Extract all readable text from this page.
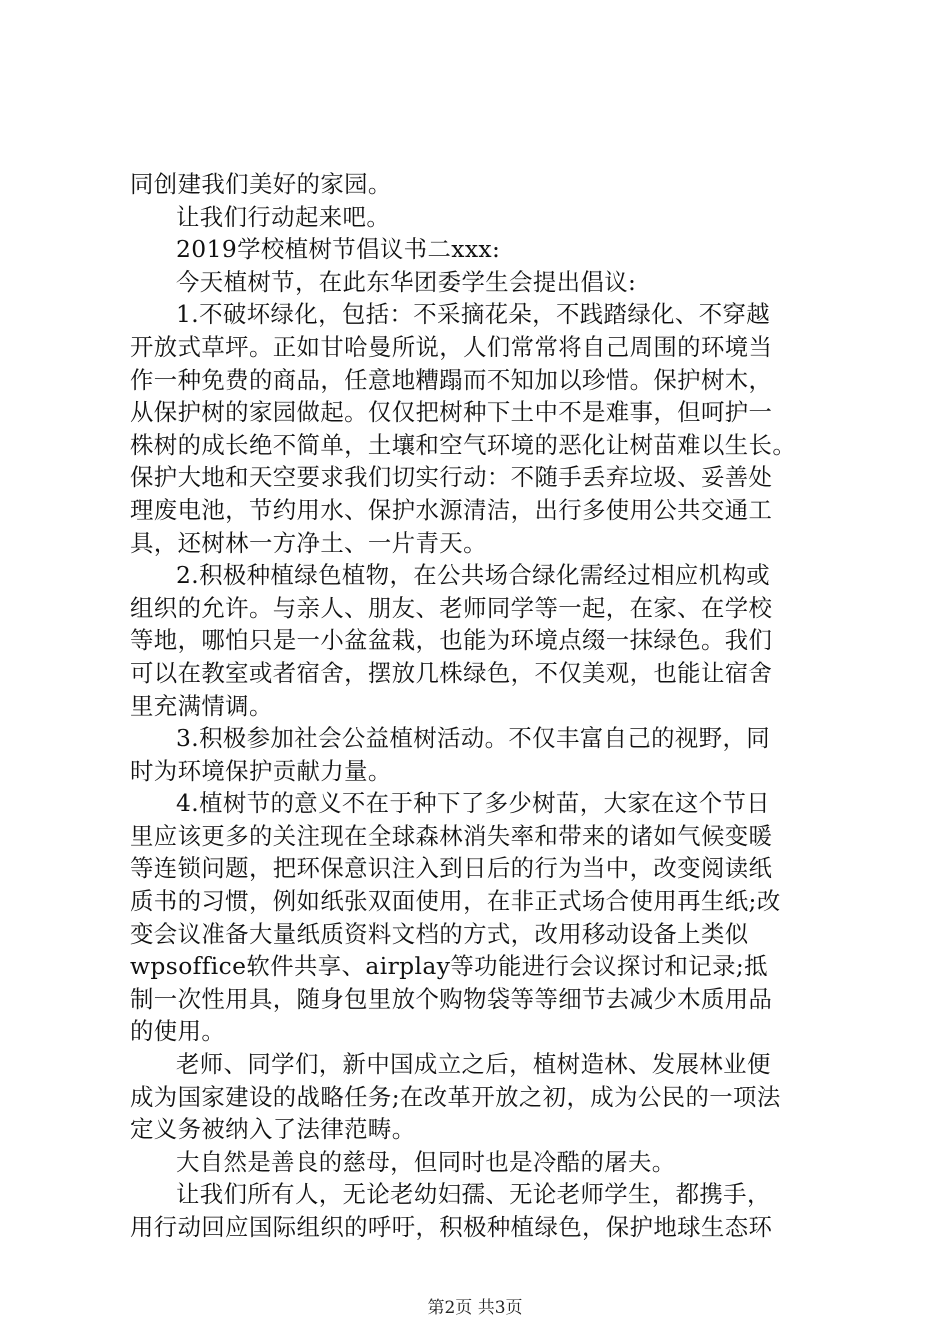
同创建我们美好的家园。
让我们行动起来吧。
2019学校植树节倡议书二xxx:
今天植树节，在此东华团委学生会提出倡议:
1.不破坏绿化，包括：不采摘花朵，不践踏绿化、不穿越
开放式草坪。正如甘哈曼所说，人们常常将自己周围的环境当
作一种免费的商品，任意地糟蹋而不知加以珍惜。保护树木，
从保护树的家园做起。仅仅把树种下土中不是难事，但呵护一
株树的成长绝不简单，土壤和空气环境的恶化让树苗难以生长。
保护大地和天空要求我们切实行动：不随手丢弃垃圾、妥善处
理废电池，节约用水、保护水源清洁，出行多使用公共交通工
具，还树林一方净土、一片青天。
2.积极种植绿色植物，在公共场合绿化需经过相应机构或
组织的允许。与亲人、朋友、老师同学等一起，在家、在学校
等地，哪怕只是一小盆盆栽，也能为环境点缀一抹绿色。我们
可以在教室或者宿舍，摆放几株绿色，不仅美观，也能让宿舍
里充满情调。
3.积极参加社会公益植树活动。不仅丰富自己的视野，同
时为环境保护贡献力量。
4.植树节的意义不在于种下了多少树苗，大家在这个节日
里应该更多的关注现在全球森林消失率和带来的诸如气候变暖
等连锁问题，把环保意识注入到日后的行为当中，改变阅读纸
质书的习惯，例如纸张双面使用，在非正式场合使用再生纸;改
变会议准备大量纸质资料文档的方式，改用移动设备上类似
wpsoffice软件共享、airplay等功能进行会议探讨和记录;抵
制一次性用具，随身包里放个购物袋等等细节去减少木质用品
的使用。
老师、同学们，新中国成立之后，植树造林、发展林业便
成为国家建设的战略任务;在改革开放之初，成为公民的一项法
定义务被纳入了法律范畴。
大自然是善良的慈母，但同时也是冷酷的屠夫。
让我们所有人，无论老幼妇孺、无论老师学生，都携手，
用行动回应国际组织的呼吁，积极种植绿色，保护地球生态环
第2页 共3页
